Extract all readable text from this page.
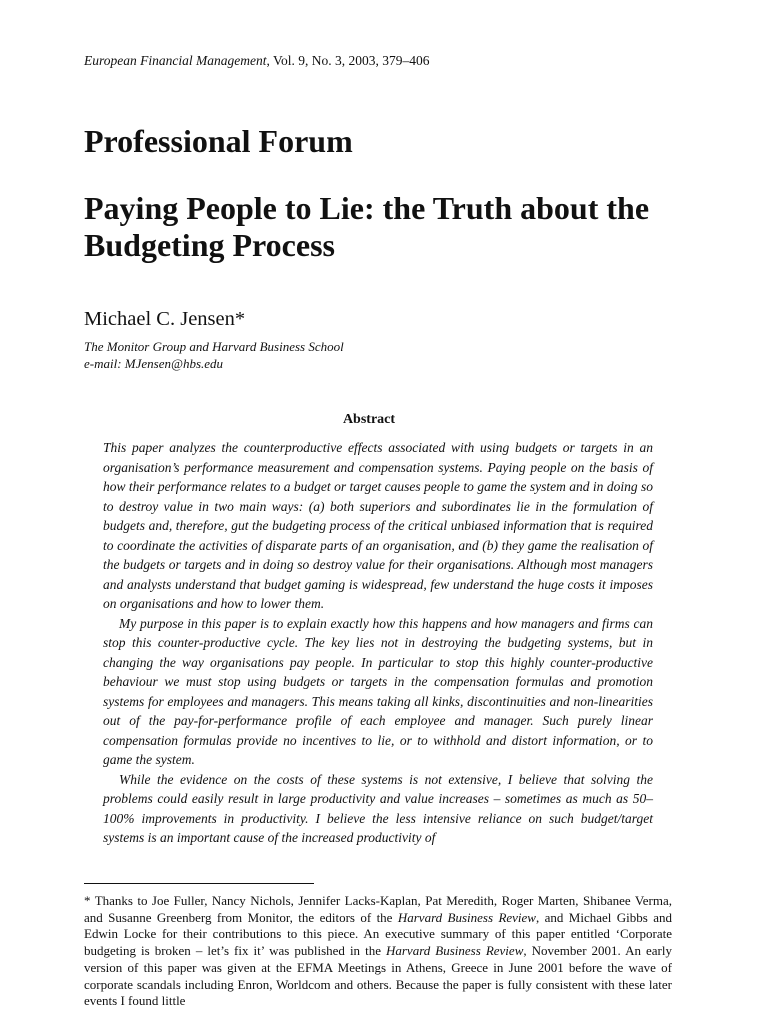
European Financial Management, Vol. 9, No. 3, 2003, 379–406
Professional Forum
Paying People to Lie: the Truth about the Budgeting Process
Michael C. Jensen*
The Monitor Group and Harvard Business School
e-mail: MJensen@hbs.edu
Abstract

This paper analyzes the counterproductive effects associated with using budgets or targets in an organisation’s performance measurement and compensation systems. Paying people on the basis of how their performance relates to a budget or target causes people to game the system and in doing so to destroy value in two main ways: (a) both superiors and subordinates lie in the formulation of budgets and, therefore, gut the budgeting process of the critical unbiased information that is required to coordinate the activities of disparate parts of an organisation, and (b) they game the realisation of the budgets or targets and in doing so destroy value for their organisations. Although most managers and analysts understand that budget gaming is widespread, few understand the huge costs it imposes on organisations and how to lower them.

My purpose in this paper is to explain exactly how this happens and how managers and firms can stop this counter-productive cycle. The key lies not in destroying the budgeting systems, but in changing the way organisations pay people. In particular to stop this highly counter-productive behaviour we must stop using budgets or targets in the compensation formulas and promotion systems for employees and managers. This means taking all kinks, discontinuities and non-linearities out of the pay-for-performance profile of each employee and manager. Such purely linear compensation formulas provide no incentives to lie, or to withhold and distort information, or to game the system.

While the evidence on the costs of these systems is not extensive, I believe that solving the problems could easily result in large productivity and value increases – sometimes as much as 50–100% improvements in productivity. I believe the less intensive reliance on such budget/target systems is an important cause of the increased productivity of

* Thanks to Joe Fuller, Nancy Nichols, Jennifer Lacks-Kaplan, Pat Meredith, Roger Marten, Shibanee Verma, and Susanne Greenberg from Monitor, the editors of the Harvard Business Review, and Michael Gibbs and Edwin Locke for their contributions to this piece. An executive summary of this paper entitled ‘Corporate budgeting is broken – let’s fix it’ was published in the Harvard Business Review, November 2001. An early version of this paper was given at the EFMA Meetings in Athens, Greece in June 2001 before the wave of corporate scandals including Enron, Worldcom and others. Because the paper is fully consistent with these later events I found little
